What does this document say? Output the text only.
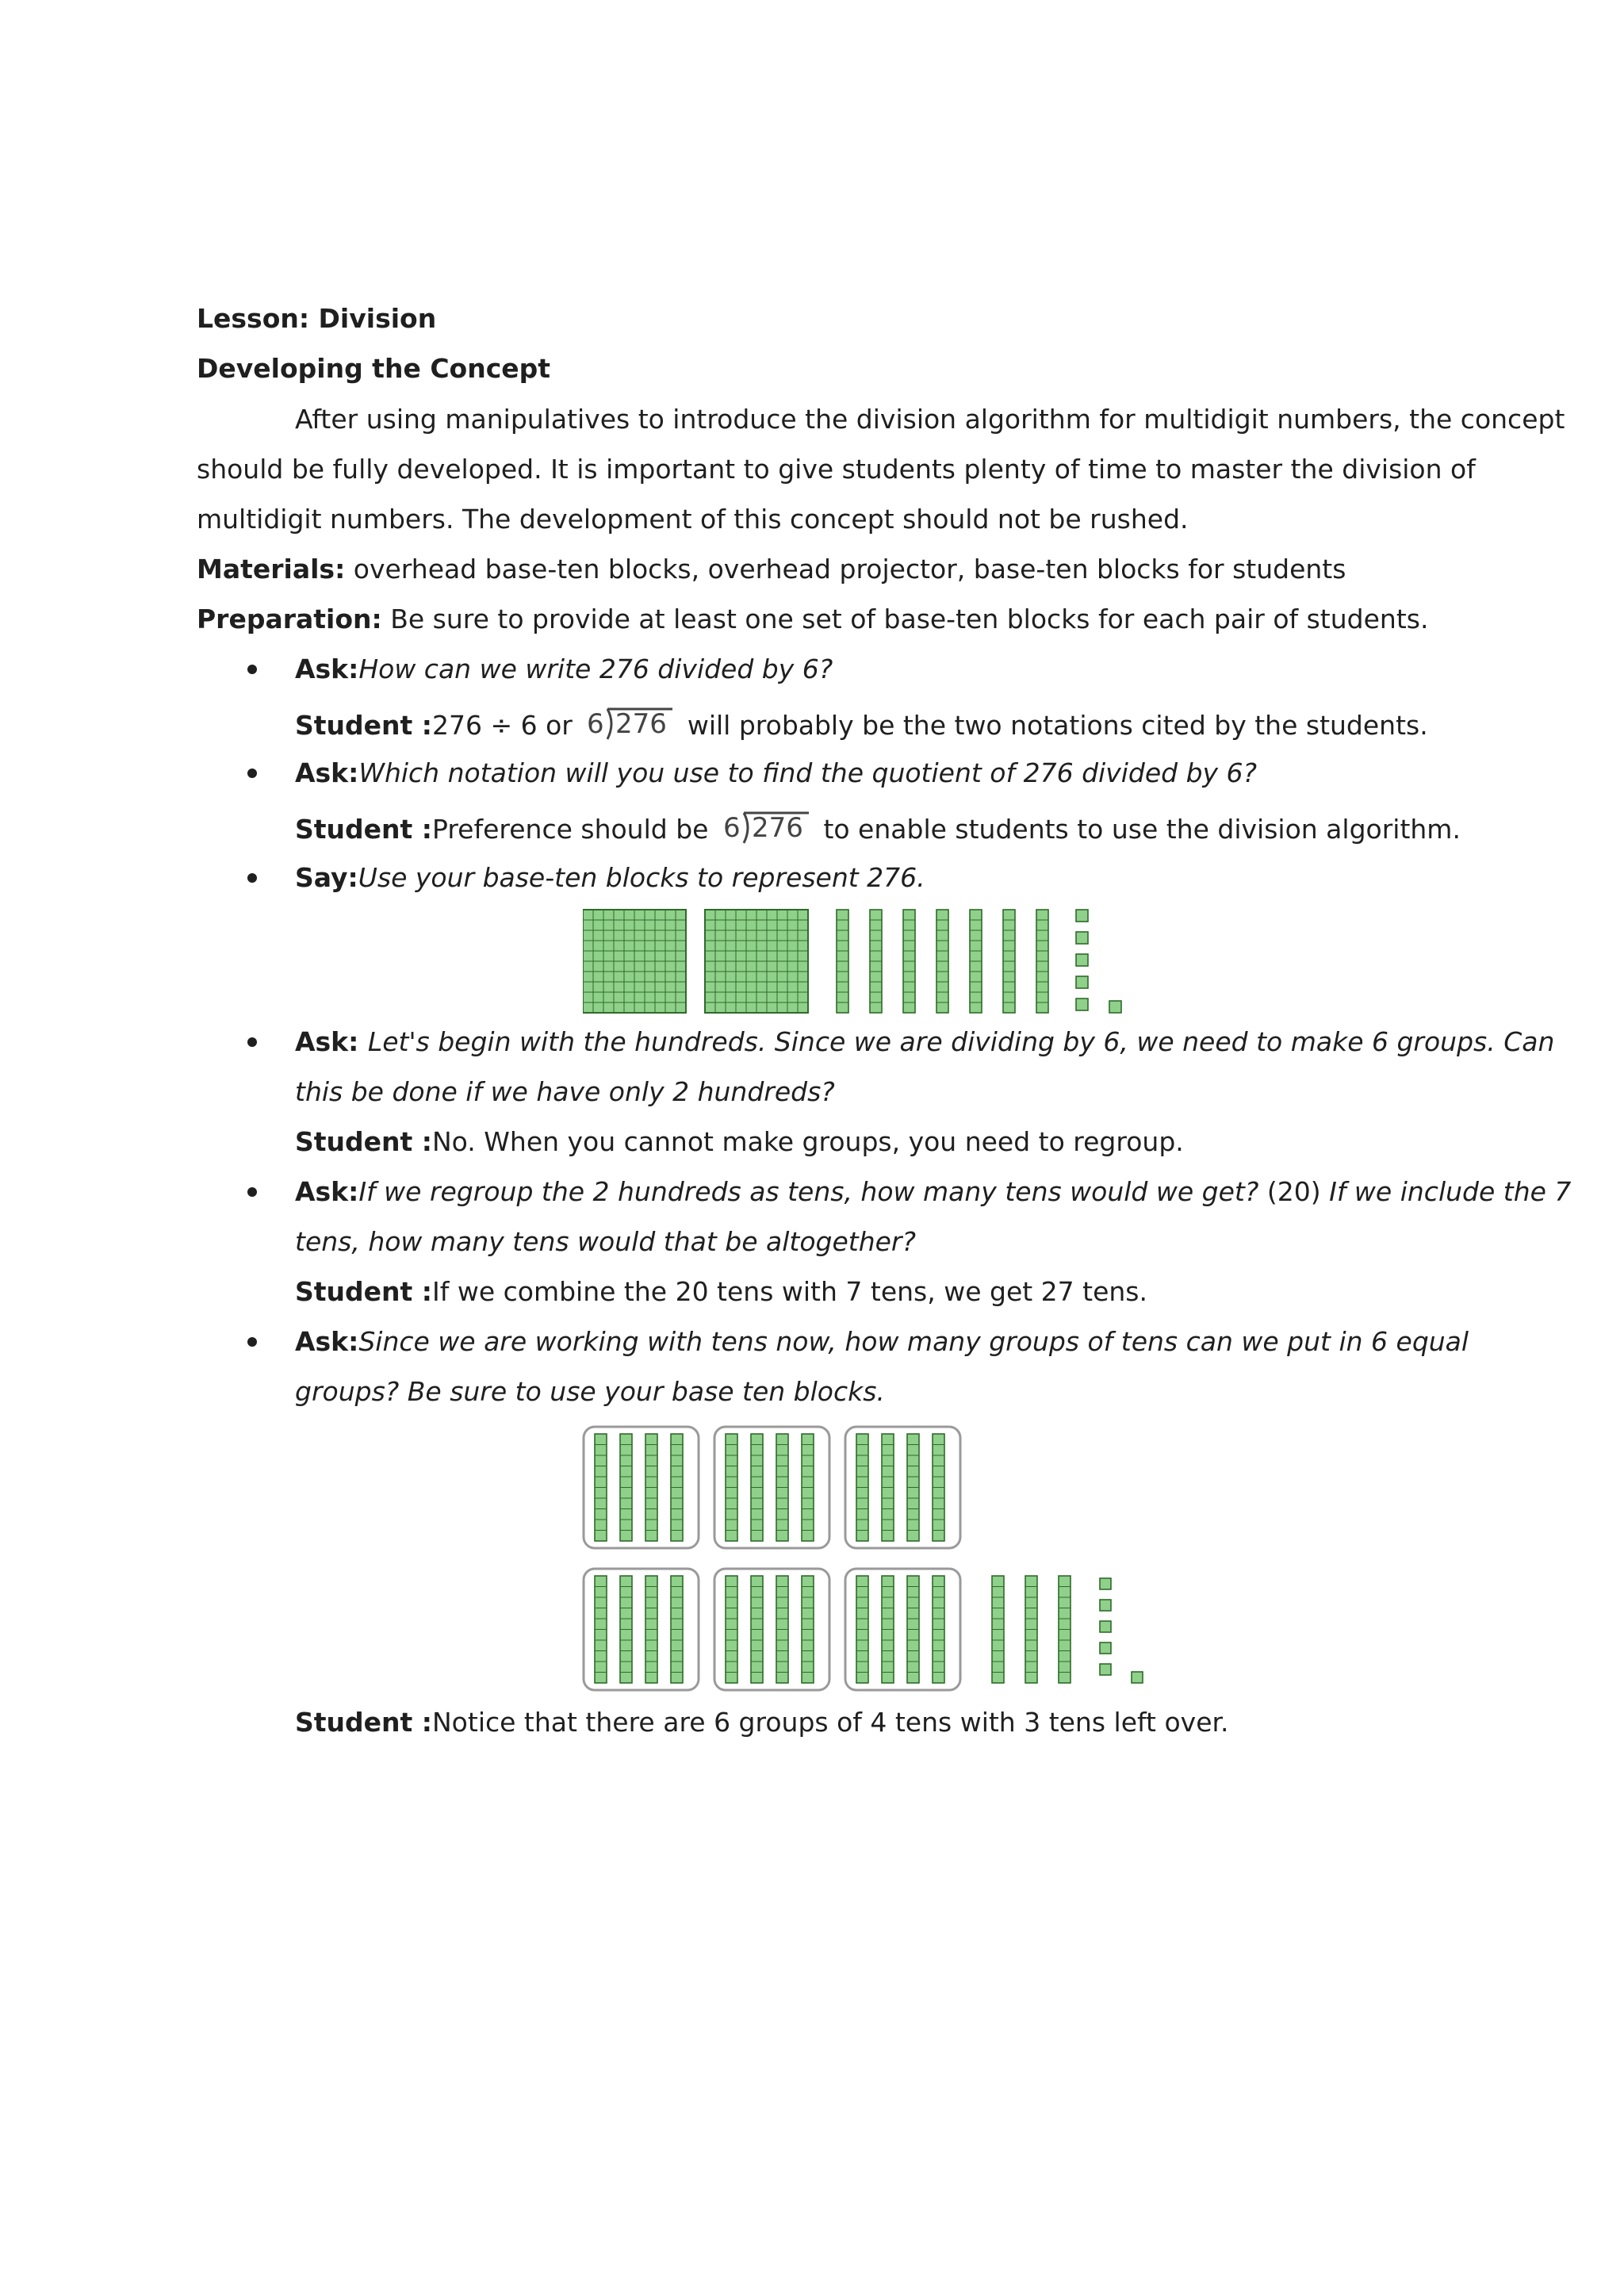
Lesson: Division
Developing the Concept
After using manipulatives to introduce the division algorithm for multidigit numbers, the concept
should be fully developed. It is important to give students plenty of time to master the division of
multidigit numbers. The development of this concept should not be rushed.
Materials: overhead base-ten blocks, overhead projector, base-ten blocks for students
Preparation: Be sure to provide at least one set of base-ten blocks for each pair of students.
Ask:How can we write 276 divided by 6?
Student :276 ÷ 6 or 6 276 will probably be the two notations cited by the students.
Ask:Which notation will you use to find the quotient of 276 divided by 6?
Student :Preference should be 6 276 to enable students to use the division algorithm.
Say:Use your base-ten blocks to represent 276.
Ask: Let's begin with the hundreds. Since we are dividing by 6, we need to make 6 groups. Can
this be done if we have only 2 hundreds?
Student :No. When you cannot make groups, you need to regroup.
Ask:If we regroup the 2 hundreds as tens, how many tens would we get? (20) If we include the 7
tens, how many tens would that be altogether?
Student :If we combine the 20 tens with 7 tens, we get 27 tens.
Ask:Since we are working with tens now, how many groups of tens can we put in 6 equal
groups? Be sure to use your base ten blocks.
Student :Notice that there are 6 groups of 4 tens with 3 tens left over.
